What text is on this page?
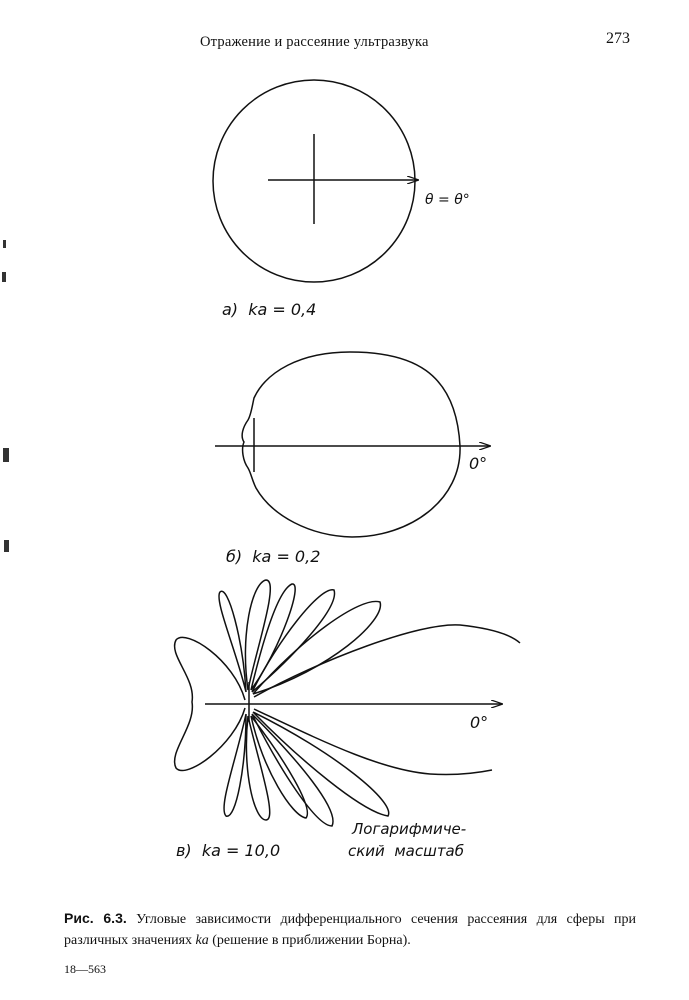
Отражение и рассеяние ультразвука	273
θ = θ°
а)  ka = 0,4
0°
б)  ka = 0,2
0°
в)  ka = 10,0
Логарифмиче-
ский  масштаб
Рис. 6.3. Угловые зависимости дифференциального сечения рассеяния для сферы при различных значениях ka (решение в приближении Борна).
18—563
